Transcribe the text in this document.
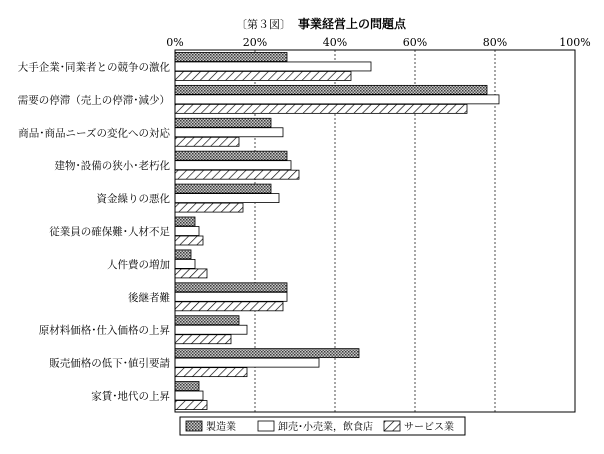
〔第３図〕 事業経営上の問題点
0%	20%	40%	60%	80%	100%
大手企業･同業者との競争の激化
需要の停滞（売上の停滞･減少）
商品･商品ニーズの変化への対応
建物･設備の狭小･老朽化
資金繰りの悪化
従業員の確保難･人材不足
人件費の増加
後継者難
原材料価格･仕入価格の上昇
販売価格の低下･値引要請
家賃･地代の上昇
製造業	卸売･小売業，飲食店	サービス業
